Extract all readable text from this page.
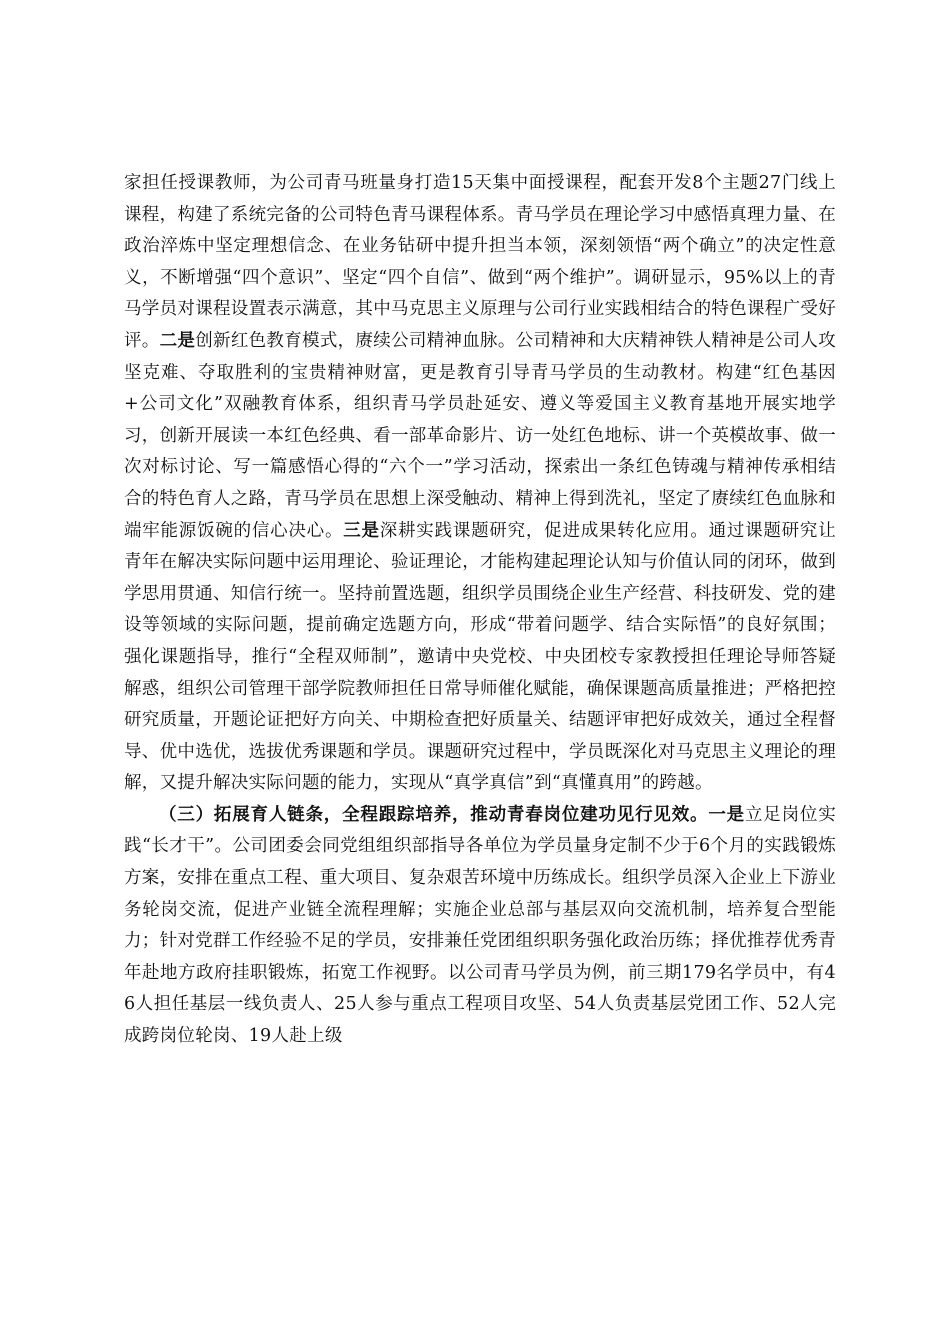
家担任授课教师，为公司青马班量身打造15天集中面授课程，配套开发8个主题27门线上课程，构建了系统完备的公司特色青马课程体系。青马学员在理论学习中感悟真理力量、在政治淬炼中坚定理想信念、在业务钻研中提升担当本领，深刻领悟“两个确立”的决定性意义，不断增强“四个意识”、坚定“四个自信”、做到“两个维护”。调研显示，95%以上的青马学员对课程设置表示满意，其中马克思主义原理与公司行业实践相结合的特色课程广受好评。二是创新红色教育模式，赓续公司精神血脉。公司精神和大庆精神铁人精神是公司人攻坚克难、夺取胜利的宝贵精神财富，更是教育引导青马学员的生动教材。构建“红色基因+公司文化”双融教育体系，组织青马学员赴延安、遵义等爱国主义教育基地开展实地学习，创新开展读一本红色经典、看一部革命影片、访一处红色地标、讲一个英模故事、做一次对标讨论、写一篇感悟心得的“六个一”学习活动，探索出一条红色铸魂与精神传承相结合的特色育人之路，青马学员在思想上深受触动、精神上得到洗礼，坚定了赓续红色血脉和端牢能源饭碗的信心决心。三是深耕实践课题研究，促进成果转化应用。通过课题研究让青年在解决实际问题中运用理论、验证理论，才能构建起理论认知与价值认同的闭环，做到学思用贯通、知信行统一。坚持前置选题，组织学员围绕企业生产经营、科技研发、党的建设等领域的实际问题，提前确定选题方向，形成“带着问题学、结合实际悟”的良好氛围；强化课题指导，推行“全程双师制”，邀请中央党校、中央团校专家教授担任理论导师答疑解惑，组织公司管理干部学院教师担任日常导师催化赋能，确保课题高质量推进；严格把控研究质量，开题论证把好方向关、中期检查把好质量关、结题评审把好成效关，通过全程督导、优中选优，选拔优秀课题和学员。课题研究过程中，学员既深化对马克思主义理论的理解，又提升解决实际问题的能力，实现从“真学真信”到“真懂真用”的跨越。

（三）拓展育人链条，全程跟踪培养，推动青春岗位建功见行见效。一是立足岗位实践“长才干”。公司团委会同党组组织部指导各单位为学员量身定制不少于6个月的实践锻炼方案，安排在重点工程、重大项目、复杂艰苦环境中历练成长。组织学员深入企业上下游业务轮岗交流，促进产业链全流程理解；实施企业总部与基层双向交流机制，培养复合型能力；针对党群工作经验不足的学员，安排兼任党团组织职务强化政治历练；择优推荐优秀青年赴地方政府挂职锻炼，拓宽工作视野。以公司青马学员为例，前三期179名学员中，有46人担任基层一线负责人、25人参与重点工程项目攻坚、54人负责基层党团工作、52人完成跨岗位轮岗、19人赴上级
